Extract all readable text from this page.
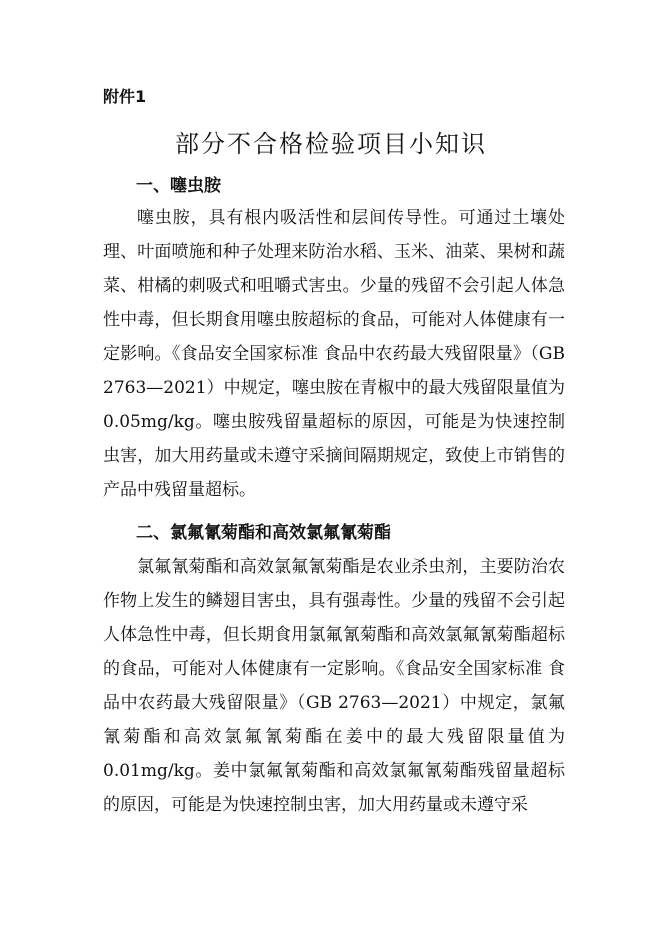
附件1

部分不合格检验项目小知识
一、噻虫胺

噻虫胺，具有根内吸活性和层间传导性。可通过土壤处理、叶面喷施和种子处理来防治水稻、玉米、油菜、果树和蔬菜、柑橘的刺吸式和咀嚼式害虫。少量的残留不会引起人体急性中毒，但长期食用噻虫胺超标的食品，可能对人体健康有一定影响。《食品安全国家标准 食品中农药最大残留限量》（GB 2763—2021）中规定，噻虫胺在青椒中的最大残留限量值为0.05mg/kg。噻虫胺残留量超标的原因，可能是为快速控制虫害，加大用药量或未遵守采摘间隔期规定，致使上市销售的产品中残留量超标。

二、氯氟氰菊酯和高效氯氟氰菊酯

氯氟氰菊酯和高效氯氟氰菊酯是农业杀虫剂，主要防治农作物上发生的鳞翅目害虫，具有强毒性。少量的残留不会引起人体急性中毒，但长期食用氯氟氰菊酯和高效氯氟氰菊酯超标的食品，可能对人体健康有一定影响。《食品安全国家标准 食品中农药最大残留限量》（GB 2763—2021）中规定，氯氟氰菊酯和高效氯氟氰菊酯在姜中的最大残留限量值为0.01mg/kg。姜中氯氟氰菊酯和高效氯氟氰菊酯残留量超标的原因，可能是为快速控制虫害，加大用药量或未遵守采
